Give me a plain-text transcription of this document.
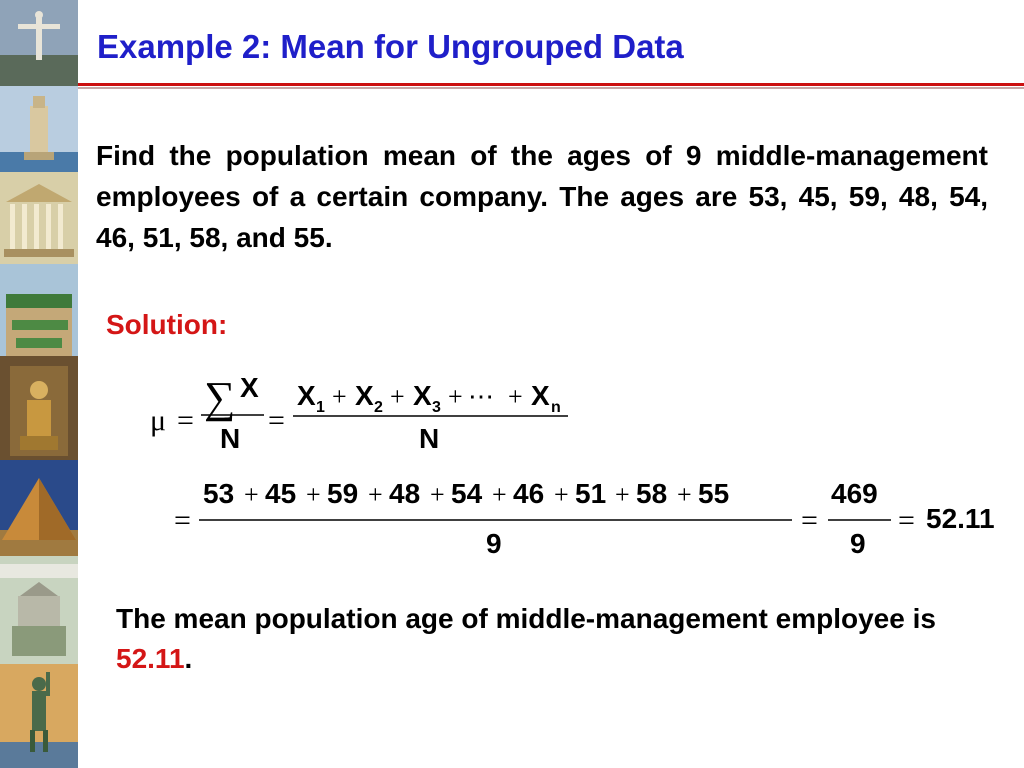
Example 2: Mean for Ungrouped Data
Find the population mean of the ages of 9 middle-management employees of a certain company. The ages are 53, 45, 59, 48, 54, 46, 51, 58, and 55.
Solution:
μ = ∑ X
N
=
X 1 + X 2 + X 3 + ⋯ + X n
N
=
53 + 45 + 59 + 48 + 54 + 46 + 51 + 58 + 55
9
=
469
9
= 52.11
The mean population age of middle-management employee is 52.11.
